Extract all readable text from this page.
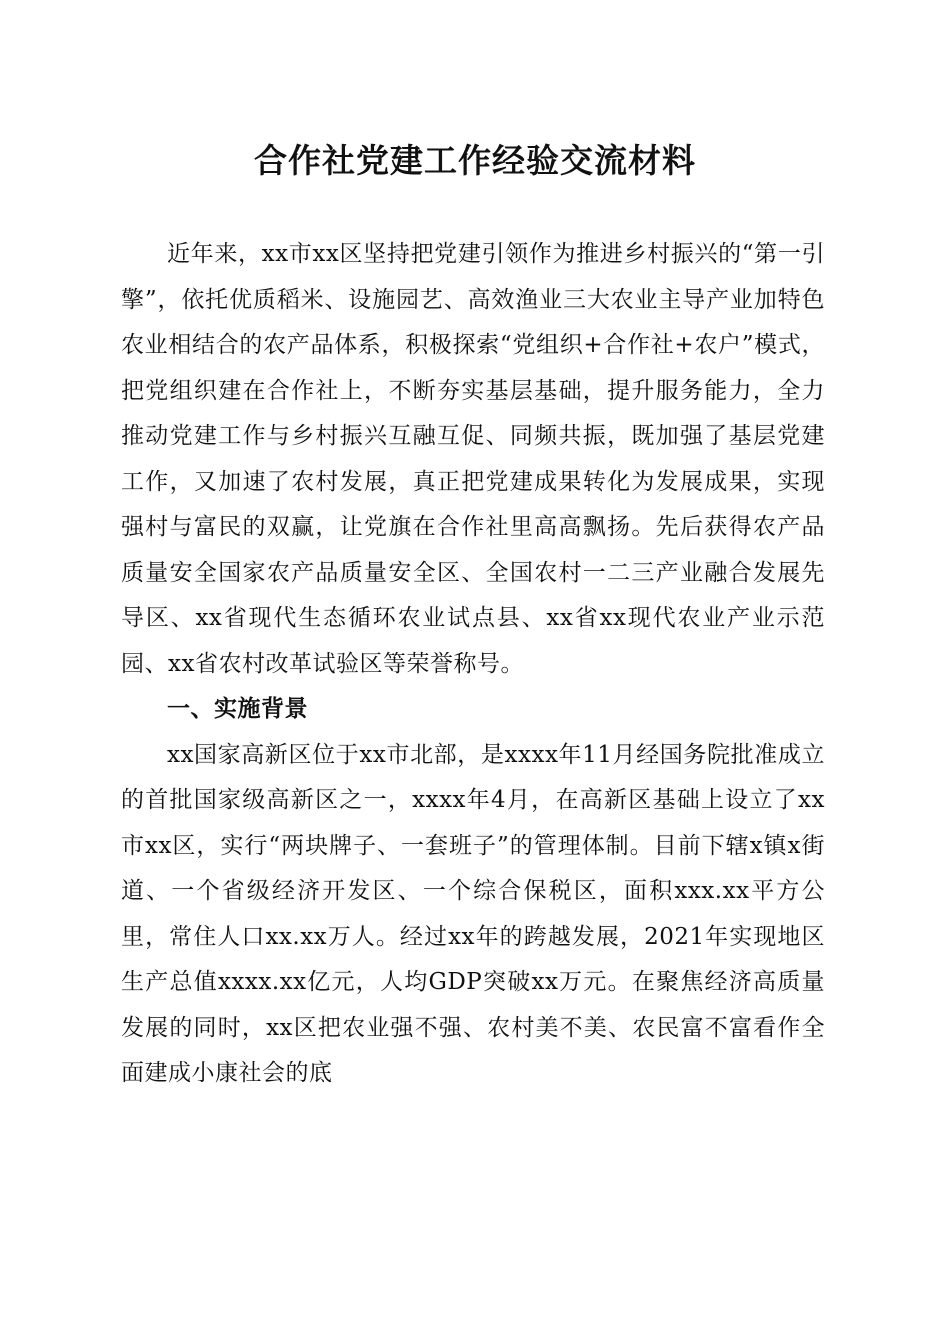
合作社党建工作经验交流材料

近年来，xx市xx区坚持把党建引领作为推进乡村振兴的“第一引擎”，依托优质稻米、设施园艺、高效渔业三大农业主导产业加特色农业相结合的农产品体系，积极探索“党组织+合作社+农户”模式，把党组织建在合作社上，不断夯实基层基础，提升服务能力，全力推动党建工作与乡村振兴互融互促、同频共振，既加强了基层党建工作，又加速了农村发展，真正把党建成果转化为发展成果，实现强村与富民的双赢，让党旗在合作社里高高飘扬。先后获得农产品质量安全国家农产品质量安全区、全国农村一二三产业融合发展先导区、xx省现代生态循环农业试点县、xx省xx现代农业产业示范园、xx省农村改革试验区等荣誉称号。

一、实施背景

xx国家高新区位于xx市北部，是xxxx年11月经国务院批准成立的首批国家级高新区之一，xxxx年4月，在高新区基础上设立了xx市xx区，实行“两块牌子、一套班子”的管理体制。目前下辖x镇x街道、一个省级经济开发区、一个综合保税区，面积xxx.xx平方公里，常住人口xx.xx万人。经过xx年的跨越发展，2021年实现地区生产总值xxxx.xx亿元，人均GDP突破xx万元。在聚焦经济高质量发展的同时，xx区把农业强不强、农村美不美、农民富不富看作全面建成小康社会的底
